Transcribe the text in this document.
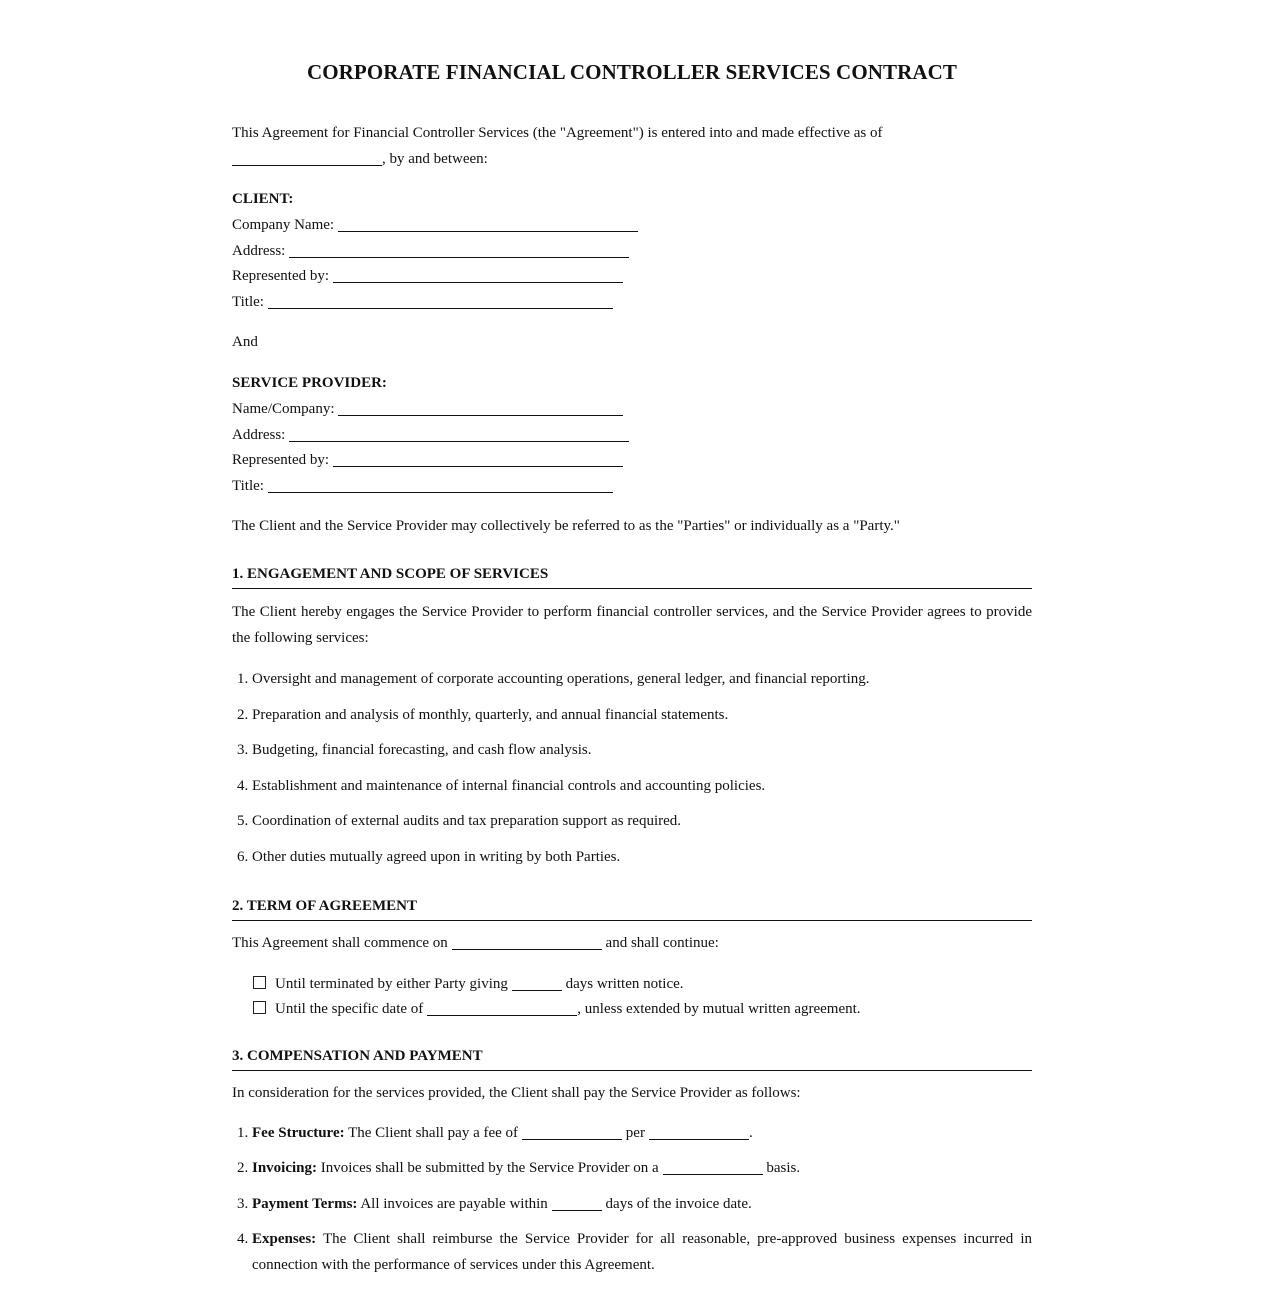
CORPORATE FINANCIAL CONTROLLER SERVICES CONTRACT

This Agreement for Financial Controller Services (the "Agreement") is entered into and made effective as of
, by and between:

CLIENT:

Company Name:

Address:

Represented by:

Title:

And

SERVICE PROVIDER:

Name/Company:

Address:

Represented by:

Title:

The Client and the Service Provider may collectively be referred to as the "Parties" or individually as a "Party."

1. ENGAGEMENT AND SCOPE OF SERVICES

The Client hereby engages the Service Provider to perform financial controller services, and the Service Provider agrees to provide the following services:

1. Oversight and management of corporate accounting operations, general ledger, and financial reporting.
2. Preparation and analysis of monthly, quarterly, and annual financial statements.
3. Budgeting, financial forecasting, and cash flow analysis.
4. Establishment and maintenance of internal financial controls and accounting policies.
5. Coordination of external audits and tax preparation support as required.
6. Other duties mutually agreed upon in writing by both Parties.
2. TERM OF AGREEMENT

This Agreement shall commence on	and shall continue:

Until terminated by either Party giving	days written notice.

Until the specific date of	, unless extended by mutual written agreement.

3. COMPENSATION AND PAYMENT

In consideration for the services provided, the Client shall pay the Service Provider as follows:

1. Fee Structure: The Client shall pay a fee of	per	.
2. Invoicing: Invoices shall be submitted by the Service Provider on a	basis.
3. Payment Terms: All invoices are payable within	days of the invoice date.
4. Expenses: The Client shall reimburse the Service Provider for all reasonable, pre-approved business expenses incurred in connection with the performance of services under this Agreement.
